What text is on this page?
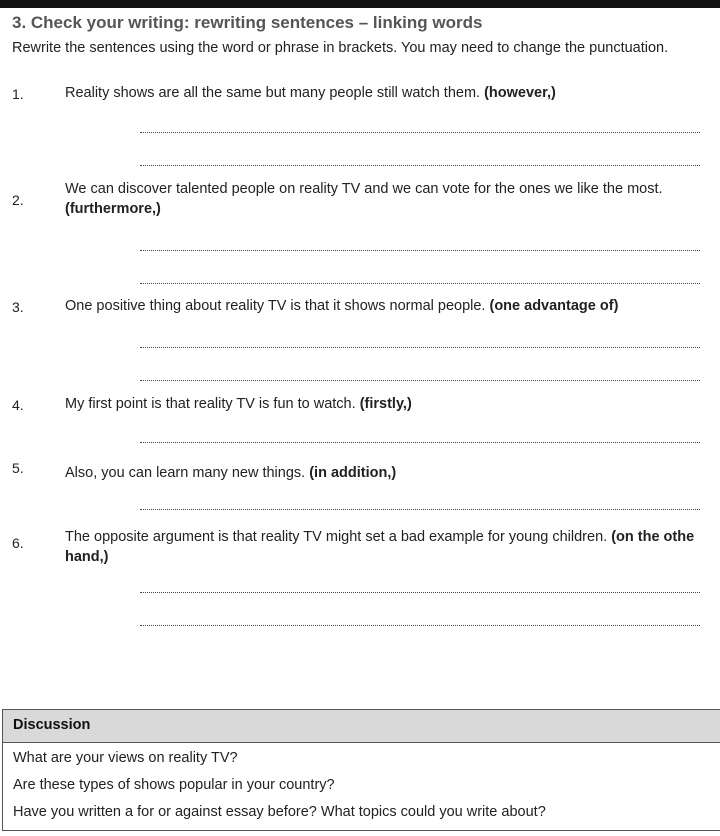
3. Check your writing: rewriting sentences – linking words
Rewrite the sentences using the word or phrase in brackets. You may need to change the punctuation.
1.	Reality shows are all the same but many people still watch them. (however,)
2.
We can discover talented people on reality TV and we can vote for the ones we like the most.
(furthermore,)
3.	One positive thing about reality TV is that it shows normal people. (one advantage of)
4.	My first point is that reality TV is fun to watch. (firstly,)
5.	Also, you can learn many new things. (in addition,)
6.	The opposite argument is that reality TV might set a bad example for young children. (on the othe
hand,)
Discussion
What are your views on reality TV?
Are these types of shows popular in your country?
Have you written a for or against essay before? What topics could you write about?
